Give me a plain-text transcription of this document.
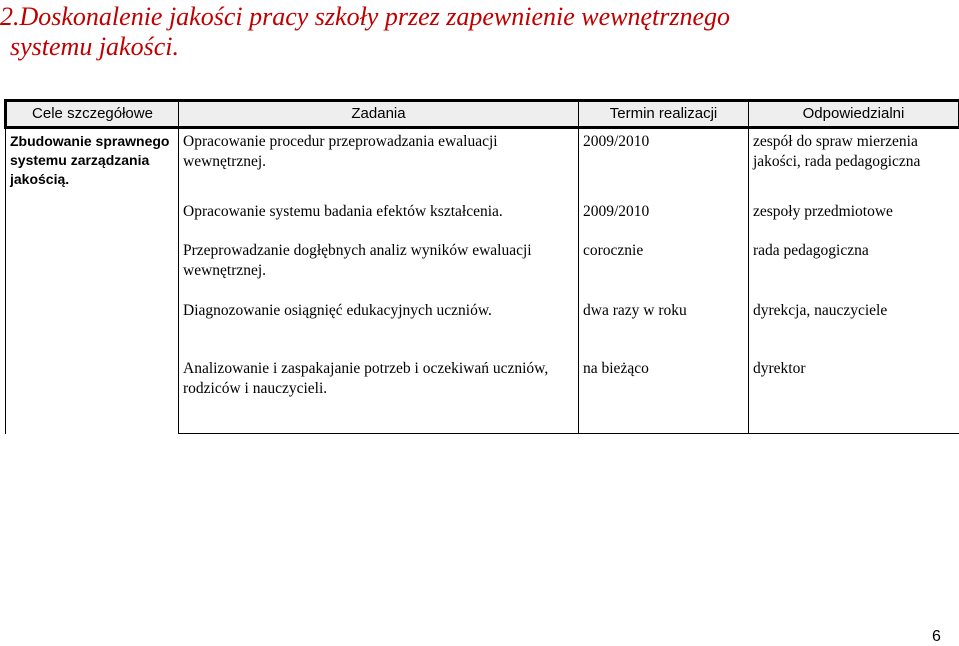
2.Doskonalenie jakości pracy szkoły przez zapewnienie wewnętrznego
systemu jakości.
Cele szczegółowe	Zadania	Termin realizacji	Odpowiedzialni
Zbudowanie sprawnego systemu zarządzania jakością.	Opracowanie procedur przeprowadzania ewaluacji wewnętrznej.	2009/2010	zespół do spraw mierzenia jakości, rada pedagogiczna
	Opracowanie systemu badania efektów kształcenia.	2009/2010	zespoły przedmiotowe
	Przeprowadzanie dogłębnych analiz wyników ewaluacji wewnętrznej.	corocznie	rada pedagogiczna
	Diagnozowanie osiągnięć edukacyjnych uczniów.	dwa razy w roku	dyrekcja, nauczyciele
	Analizowanie i zaspakajanie potrzeb i oczekiwań uczniów, rodziców i nauczycieli.	na bieżąco	dyrektor
6
